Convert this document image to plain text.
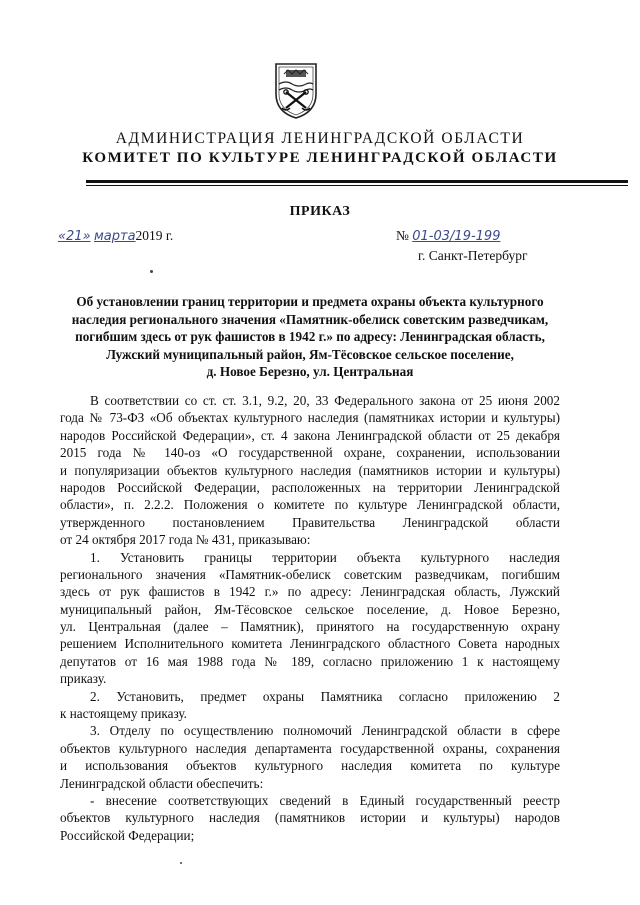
АДМИНИСТРАЦИЯ ЛЕНИНГРАДСКОЙ ОБЛАСТИ
КОМИТЕТ ПО КУЛЬТУРЕ ЛЕНИНГРАДСКОЙ ОБЛАСТИ
ПРИКАЗ
«21» марта2019 г.	№ 01-03/19-199
г. Санкт-Петербург
Об установлении границ территории и предмета охраны объекта культурного
наследия регионального значения «Памятник-обелиск советским разведчикам,
погибшим здесь от рук фашистов в 1942 г.» по адресу: Ленинградская область,
Лужский муниципальный район, Ям-Тёсовское сельское поселение,
д. Новое Березно, ул. Центральная
В соответствии со ст. ст. 3.1, 9.2, 20, 33 Федерального закона от 25 июня 2002
года № 73-ФЗ «Об объектах культурного наследия (памятниках истории и культуры)
народов Российской Федерации», ст. 4 закона Ленинградской области от 25 декабря
2015 года № 140-оз «О государственной охране, сохранении, использовании
и популяризации объектов культурного наследия (памятников истории и культуры)
народов Российской Федерации, расположенных на территории Ленинградской
области», п. 2.2.2. Положения о комитете по культуре Ленинградской области,
утвержденного постановлением Правительства Ленинградской области
от 24 октября 2017 года № 431, приказываю:
1. Установить границы территории объекта культурного наследия
регионального значения «Памятник-обелиск советским разведчикам, погибшим
здесь от рук фашистов в 1942 г.» по адресу: Ленинградская область, Лужский
муниципальный район, Ям-Тёсовское сельское поселение, д. Новое Березно,
ул. Центральная (далее – Памятник), принятого на государственную охрану
решением Исполнительного комитета Ленинградского областного Совета народных
депутатов от 16 мая 1988 года № 189, согласно приложению 1 к настоящему
приказу.
2. Установить, предмет охраны Памятника согласно приложению 2
к настоящему приказу.
3. Отделу по осуществлению полномочий Ленинградской области в сфере
объектов культурного наследия департамента государственной охраны, сохранения
и использования объектов культурного наследия комитета по культуре
Ленинградской области обеспечить:
- внесение соответствующих сведений в Единый государственный реестр
объектов культурного наследия (памятников истории и культуры) народов
Российской Федерации;
